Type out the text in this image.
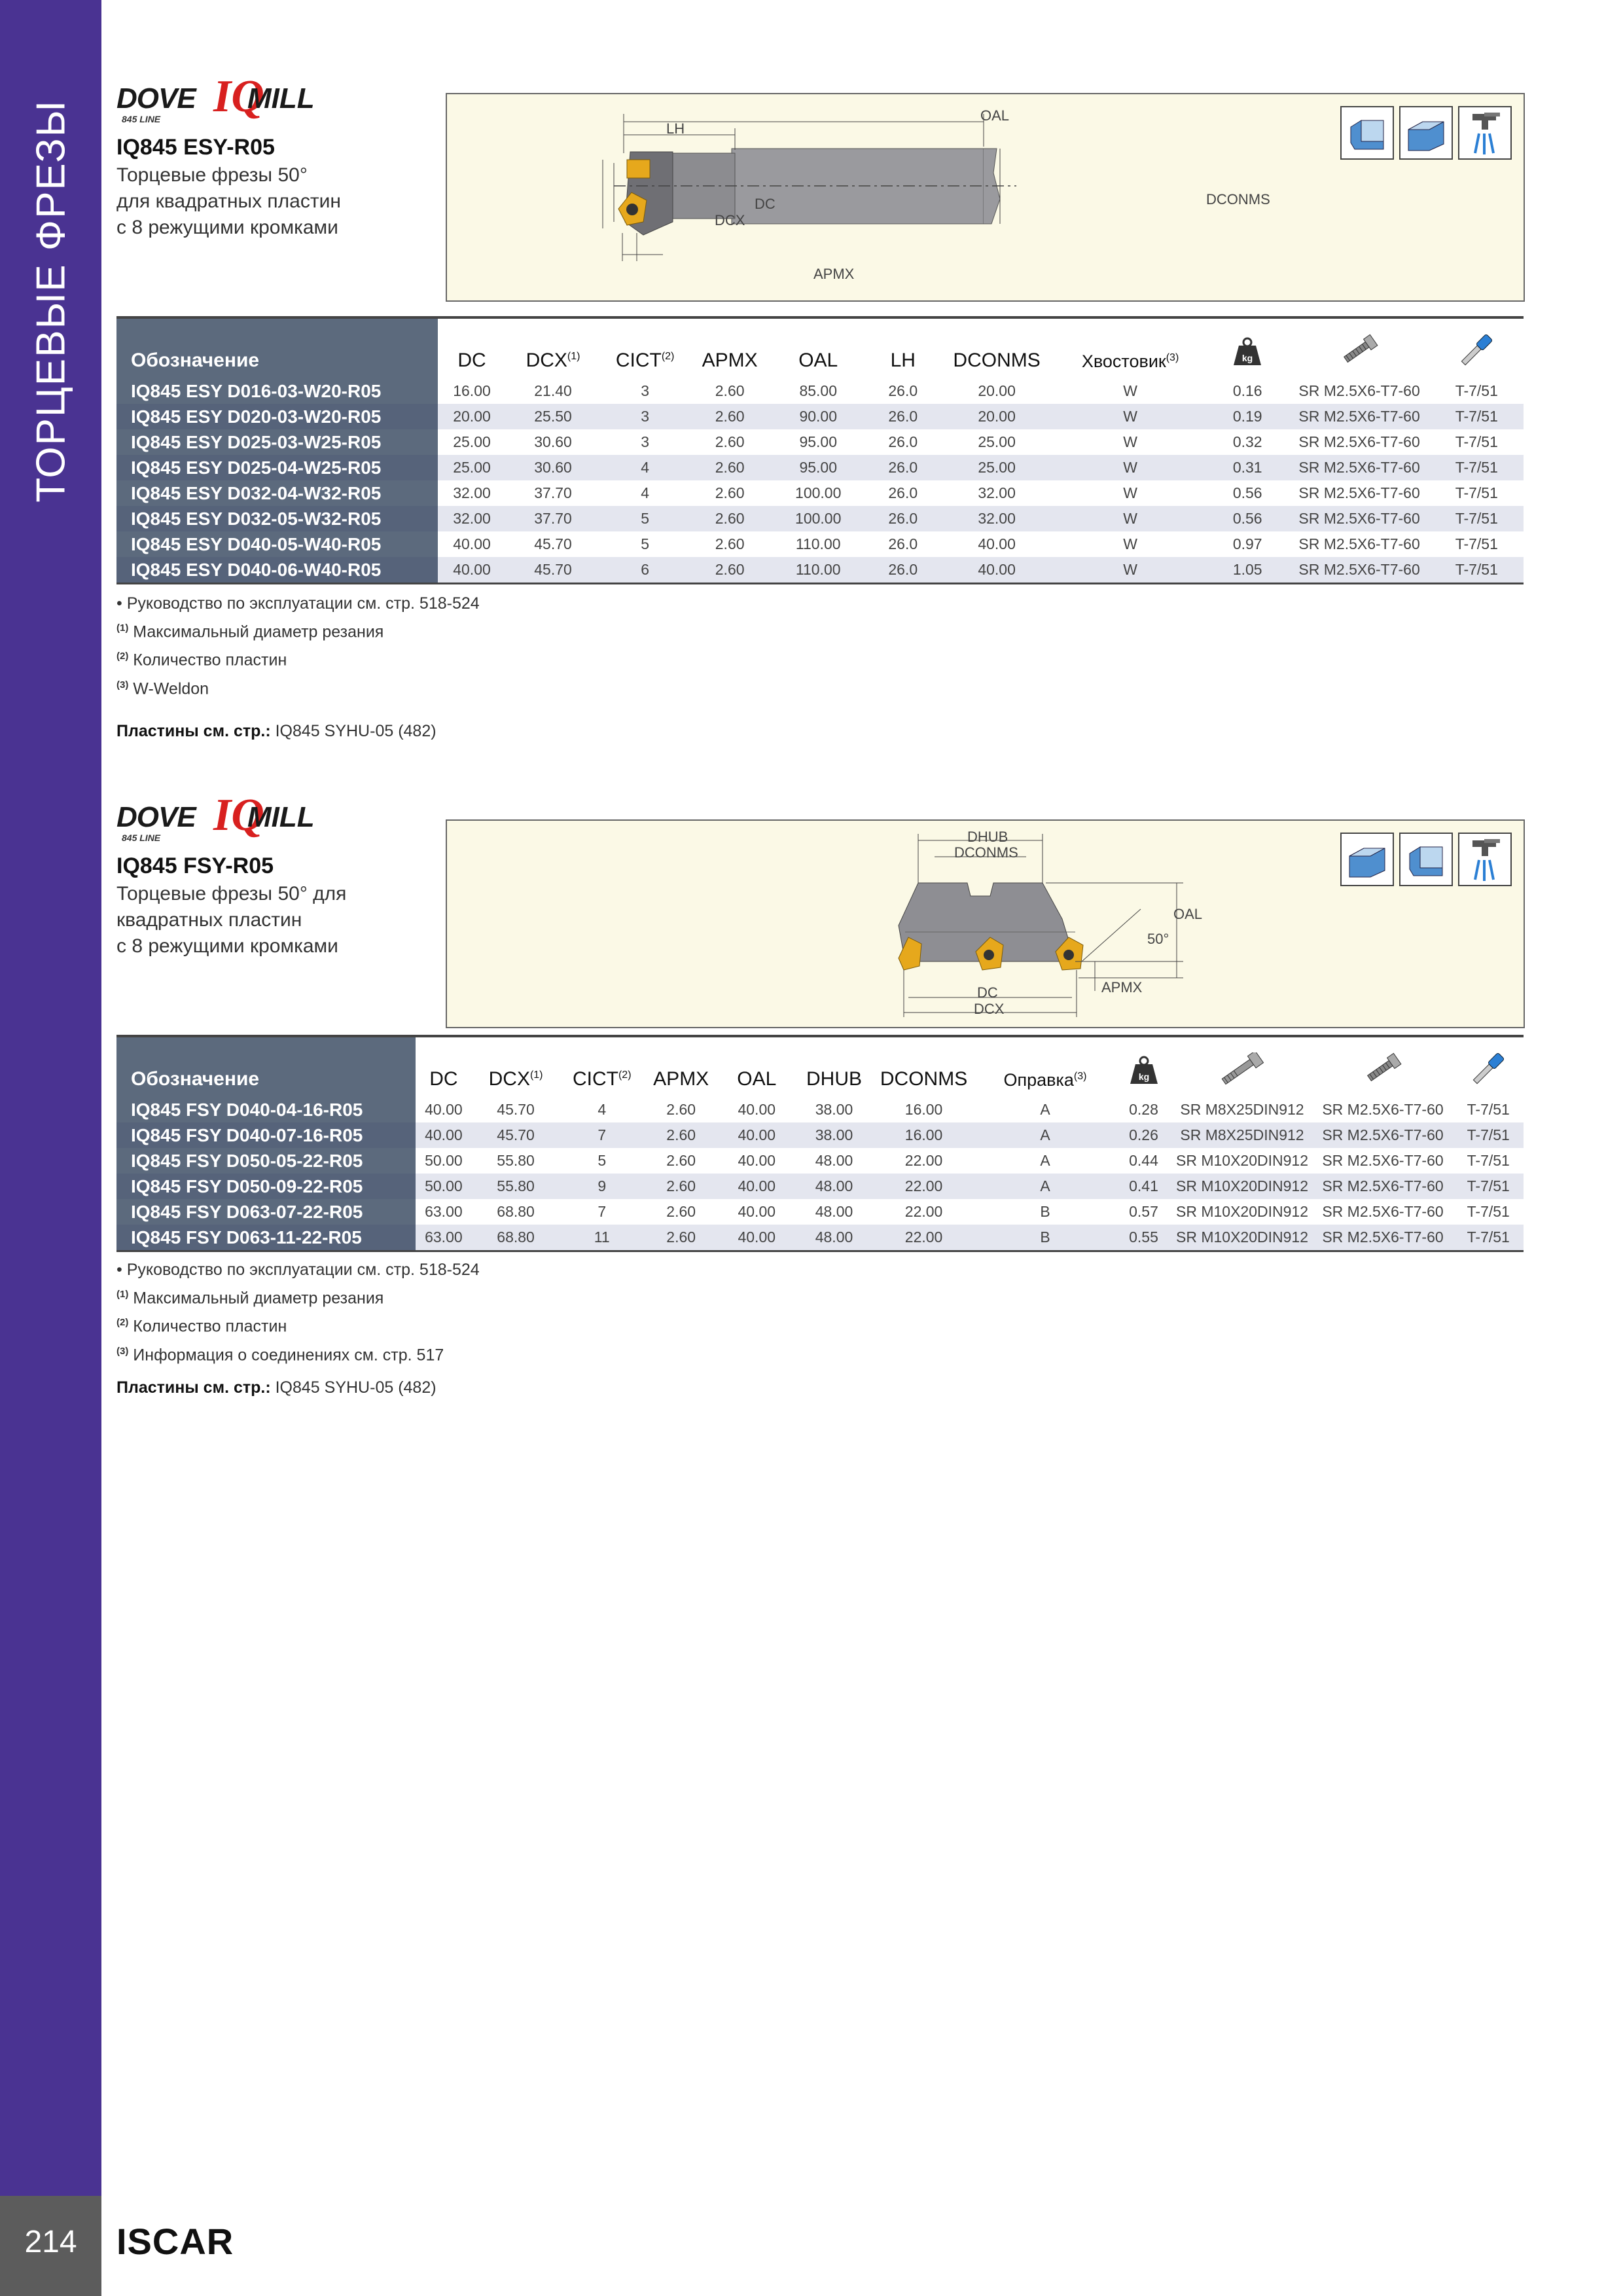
ТОРЦЕВЫЕ ФРЕЗЫ
214	ISCAR
DOVE IQ
MILL
845 LINE
IQ845 ESY-R05
Торцевые фрезы 50°
для квадратных пластин
с 8 режущими кромками
OAL
LH
DCONMS
DC
DCX
APMX
Обозначение	DC	DCX$^{(1)}$	CICT$^{(2)}$	APMX	OAL	LH	DCONMS	Хвостовик$^{(3)}$	kg

IQ845 ESY D016-03-W20-R05	16.00	21.40	3	2.60	85.00	26.0	20.00	W	0.16	SR M2.5X6-T7-60	T-7/51
IQ845 ESY D020-03-W20-R05	20.00	25.50	3	2.60	90.00	26.0	20.00	W	0.19	SR M2.5X6-T7-60	T-7/51
IQ845 ESY D025-03-W25-R05	25.00	30.60	3	2.60	95.00	26.0	25.00	W	0.32	SR M2.5X6-T7-60	T-7/51
IQ845 ESY D025-04-W25-R05	25.00	30.60	4	2.60	95.00	26.0	25.00	W	0.31	SR M2.5X6-T7-60	T-7/51
IQ845 ESY D032-04-W32-R05	32.00	37.70	4	2.60	100.00	26.0	32.00	W	0.56	SR M2.5X6-T7-60	T-7/51
IQ845 ESY D032-05-W32-R05	32.00	37.70	5	2.60	100.00	26.0	32.00	W	0.56	SR M2.5X6-T7-60	T-7/51
IQ845 ESY D040-05-W40-R05	40.00	45.70	5	2.60	110.00	26.0	40.00	W	0.97	SR M2.5X6-T7-60	T-7/51
IQ845 ESY D040-06-W40-R05	40.00	45.70	6	2.60	110.00	26.0	40.00	W	1.05	SR M2.5X6-T7-60	T-7/51
• Руководство по эксплуатации см. стр. 518-524
$^{(1)}$ Максимальный диаметр резания
$^{(2)}$ Количество пластин
$^{(3)}$ W-Weldon
Пластины см. стр.: IQ845 SYHU-05 (482)
DOVE IQ
MILL
845 LINE
IQ845 FSY-R05
Торцевые фрезы 50° для
квадратных пластин
с 8 режущими кромками
DHUB
DCONMS
OAL
50°
DC
DCX
APMX
Обозначение	DC	DCX$^{(1)}$	CICT$^{(2)}$	APMX	OAL	DHUB	DCONMS	Оправка$^{(3)}$	kg

IQ845 FSY D040-04-16-R05	40.00	45.70	4	2.60	40.00	38.00	16.00	A	0.28	SR M8X25DIN912	SR M2.5X6-T7-60	T-7/51
IQ845 FSY D040-07-16-R05	40.00	45.70	7	2.60	40.00	38.00	16.00	A	0.26	SR M8X25DIN912	SR M2.5X6-T7-60	T-7/51
IQ845 FSY D050-05-22-R05	50.00	55.80	5	2.60	40.00	48.00	22.00	A	0.44	SR M10X20DIN912	SR M2.5X6-T7-60	T-7/51
IQ845 FSY D050-09-22-R05	50.00	55.80	9	2.60	40.00	48.00	22.00	A	0.41	SR M10X20DIN912	SR M2.5X6-T7-60	T-7/51
IQ845 FSY D063-07-22-R05	63.00	68.80	7	2.60	40.00	48.00	22.00	B	0.57	SR M10X20DIN912	SR M2.5X6-T7-60	T-7/51
IQ845 FSY D063-11-22-R05	63.00	68.80	11	2.60	40.00	48.00	22.00	B	0.55	SR M10X20DIN912	SR M2.5X6-T7-60	T-7/51
• Руководство по эксплуатации см. стр. 518-524
$^{(1)}$ Максимальный диаметр резания
$^{(2)}$ Количество пластин
$^{(3)}$ Информация о соединениях см. стр. 517
Пластины см. стр.: IQ845 SYHU-05 (482)
